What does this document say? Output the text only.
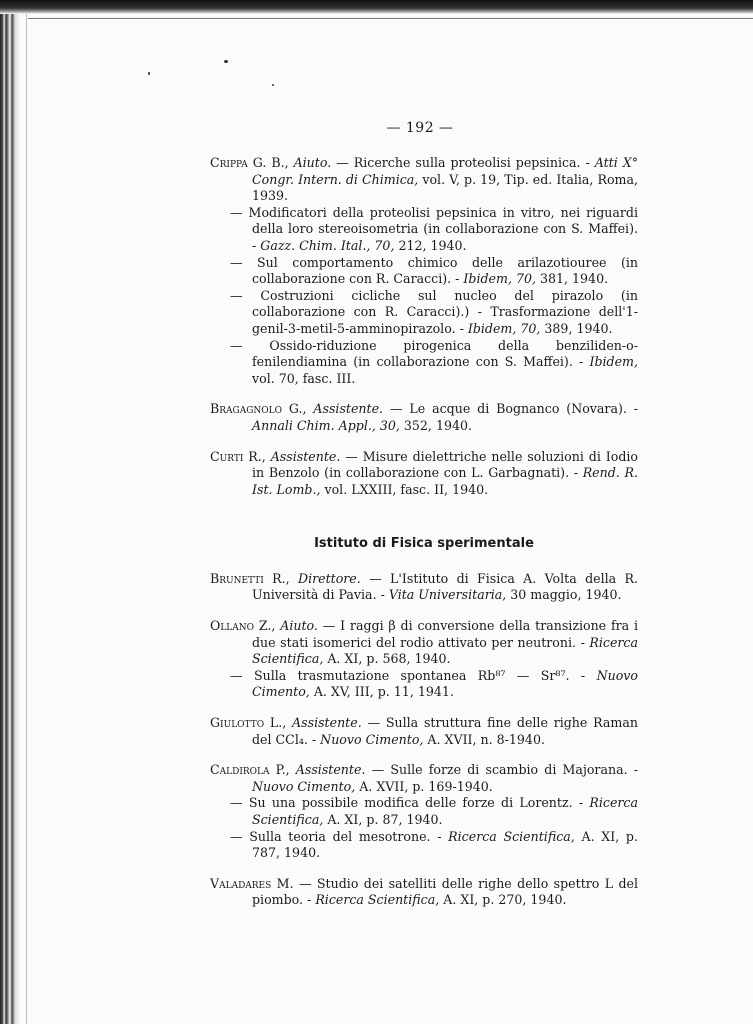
— 192 —
Crippa G. B., Aiuto. — Ricerche sulla proteolisi pepsinica. - Atti X° Congr. Intern. di Chimica, vol. V, p. 19, Tip. ed. Italia, Roma, 1939.
— Modificatori della proteolisi pepsinica in vitro, nei riguardi della loro stereoisometria (in collaborazione con S. Maffei). - Gazz. Chim. Ital., 70, 212, 1940.
— Sul comportamento chimico delle arilazotiouree (in collaborazione con R. Caracci). - Ibidem, 70, 381, 1940.
— Costruzioni cicliche sul nucleo del pirazolo (in collaborazione con R. Caracci).) - Trasformazione dell'1-genil-3-metil-5-amminopirazolo. - Ibidem, 70, 389, 1940.
— Ossido-riduzione pirogenica della benziliden-o-fenilendiamina (in collaborazione con S. Maffei). - Ibidem, vol. 70, fasc. III.
Bragagnolo G., Assistente. — Le acque di Bognanco (Novara). - Annali Chim. Appl., 30, 352, 1940.
Curti R., Assistente. — Misure dielettriche nelle soluzioni di Iodio in Benzolo (in collaborazione con L. Garbagnati). - Rend. R. Ist. Lomb., vol. LXXIII, fasc. II, 1940.
Istituto di Fisica sperimentale
Brunetti R., Direttore. — L'Istituto di Fisica A. Volta della R. Università di Pavia. - Vita Universitaria, 30 maggio, 1940.
Ollano Z., Aiuto. — I raggi β di conversione della transizione fra i due stati isomerici del rodio attivato per neutroni. - Ricerca Scientifica, A. XI, p. 568, 1940.
— Sulla trasmutazione spontanea Rb⁸⁷ — Sr⁸⁷. - Nuovo Cimento, A. XV, III, p. 11, 1941.
Giulotto L., Assistente. — Sulla struttura fine delle righe Raman del CCl₄. - Nuovo Cimento, A. XVII, n. 8-1940.
Caldirola P., Assistente. — Sulle forze di scambio di Majorana. - Nuovo Cimento, A. XVII, p. 169-1940.
— Su una possibile modifica delle forze di Lorentz. - Ricerca Scientifica, A. XI, p. 87, 1940.
— Sulla teoria del mesotrone. - Ricerca Scientifica, A. XI, p. 787, 1940.
Valadares M. — Studio dei satelliti delle righe dello spettro L del piombo. - Ricerca Scientifica, A. XI, p. 270, 1940.
